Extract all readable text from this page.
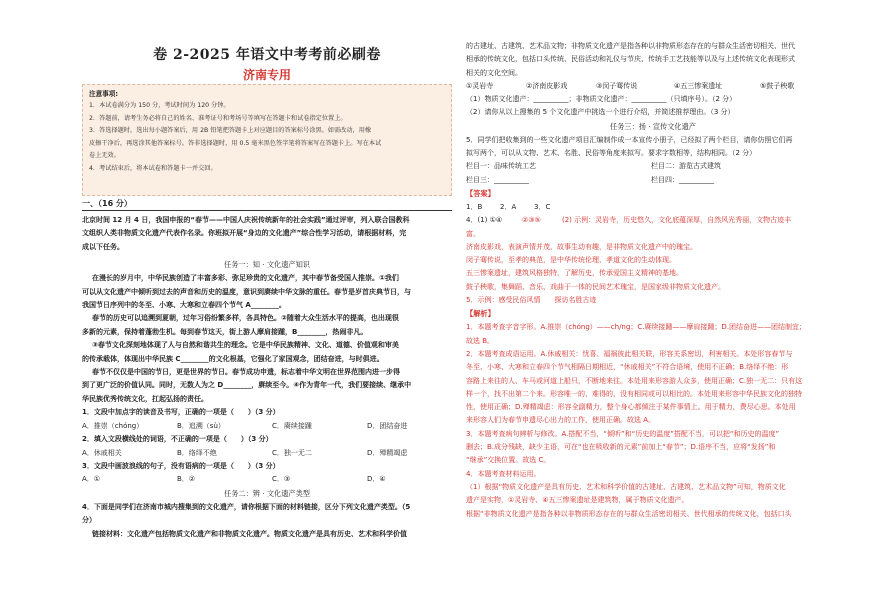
卷 2-2025 年语文中考考前必刷卷
济南专用

注意事项:

1．本试卷满分为 150 分，考试时间为 120 分钟。

2．答题前，请考生务必将自己的姓名、准考证号和考场号等填写在答题卡和试卷指定位置上。

3．答选择题时，选出每小题答案后，用 2B 铅笔把答题卡上对应题目的答案标号涂黑。如需改动，用橡

皮擦干净后，再选涂其他答案标号。答非选择题时，用 0.5 毫米黑色签字笔将答案写在答题卡上。写在本试

卷上无效。

4．考试结束后，将本试卷和答题卡一并交回。

一、（16 分）

北京时间 12 月 4 日，我国申报的“春节——中国人庆祝传统新年的社会实践”通过评审，列入联合国教科

文组织人类非物质文化遗产代表作名录。你班拟开展“身边的文化遗产”综合性学习活动，请根据材料，完

成以下任务。

任务一：知 · 文化遗产知识

在漫长的岁月中，中华民族创造了丰富多彩、弥足珍贵的文化遗产，其中春节备受国人推崇。①我们

可以从文化遗产中倾听到过去的声音和历史的温度，意识到赓续中华文脉的重任。春节是岁首庆典节日，与

我国节日序列中的冬至、小寒、大寒和立春四个节气 A________。

春节的历史可以追溯到夏朝，过年习俗纷繁多样，各具特色。②随着大众生活水平的提高，也出现很

多新的元素，保持着蓬勃生机。每到春节这天，街上游人摩肩接踵，B________，热闹非凡。

③春节文化深刻地体现了人与自然和谐共生的理念。它是中华民族精神、文化、道德、价值观和审美

的传承载体，体现出中华民族 C________的文化根基，它强化了家国观念，团结奋进，与时俱进。

春节不仅仅是中国的节日，更是世界的节日。春节成功申遗，标志着中华文明在世界范围内进一步得

到了更广泛的价值认同。同时，无数人为之 D________，赓续至今。④作为青年一代，我们要接续、继承中

华民族优秀传统文化，扛起弘扬的责任。

1．文段中加点字的读音及书写，正确的一项是（　　）（3 分）

A．推崇（chóng）	B．追溯（sù）	C．赓续接踵	D．团结奋进

2．填入文段横线处的词语，不正确的一项是（　　）（3 分）

A．休戚相关	B．络绎不绝	C．独一无二	D．殚精竭虑

3．文段中画波浪线的句子，没有语病的一项是（　　）（3 分）

A．①	B．②	C．③	D．④

任务二：辨 · 文化遗产类型

4．下面是同学们在济南市城内搜集到的文化遗产，请你根据下面的材料链接，区分下列文化遗产类型。（5

分）

链接材料：文化遗产包括物质文化遗产和非物质文化遗产。物质文化遗产是具有历史、艺术和科学价值

的古建址、古建筑、艺术品文物；非物质文化遗产是指各种以非物质形态存在的与群众生活密切相关、世代

相承的传统文化，包括口头传统、民俗活动和礼仪与节庆、传统手工艺技能等以及与上述传统文化表现形式

相关的文化空间。

①灵岩寺	②济南皮影戏	③闵子骞传说	④五三惨案遗址	⑤鼓子秧歌

（1）物质文化遗产：__________；非物质文化遗产：__________（只填序号）。（2 分）

（2）请你从以上搜集的 5 个文化遗产中挑选一个进行介绍，并简述推荐理由。（3 分）

任务三：扬 · 宣传文化遗产

5．同学们把收集到的一些文化遗产项目汇编制作成一本宣传小册子，已经拟了两个栏目，请你仿照它们再

拟写两个，可以从文物、艺术、名胜、民俗等角度来拟写。要求字数相等，结构相同。（2 分）

栏目一：品味传统工艺	栏目二：游览古式建筑
栏目三：__________	栏目四：__________

【答案】

1．B	2．A	3．C
4．(1) ①④	②③⑤	(2) 示例：灵岩寺，历史悠久，文化底蕴深厚，自然风光秀丽，文物古迹丰

富。

济南皮影戏，表演声情并茂，故事生动有趣，是非物质文化遗产中的瑰宝。

闵子骞传说，至孝的典范，是中华传统伦理、孝道文化的生动体现。

五三惨案遗址，建筑风格独特，了解历史，传承爱国主义精神的基地。

鼓子秧歌，集舞蹈、音乐、戏曲于一体的民间艺术瑰宝，是国家级非物质文化遗产。

5．示例：感受民俗风情　　探访名胜古迹

【解析】

1．本题考查字音字形。A.推崇（chóng）——ch/ng；C.赓续接踵——摩肩接踵；D.团结奋进——团结制宜；

故选 B。

2．本题考查成语运用。A.休戚相关：忧喜、福祸彼此相关联，形容关系密切，利害相关。本处形容春节与

冬至、小寒、大寒和立春四个节气相隔日期相近，“休戚相关”不符合语境，使用不正确；B.络绎不绝：形

容路上来往的人、车马或河道上船只，不断地来往。本处用来形容游人众多，使用正确；C.独一无二：只有这

样一个，找不出第二个来。形容唯一的、难得的，没有相同或可以相比的。本处用来形容中华民族文化的独特

性，使用正确；D.殚精竭虑：形容全副精力，整个身心都倾注于某件事情上。用于精力，费尽心思。本处用

来形容人们为春节申遗尽心出力的工作，使用正确。故选 A。

3．本题考查病句辨析与修改。A.搭配不当，“倾听”和“历史的温度”搭配不当，可以把“和历史的温度”

删去；B.成分残缺，缺少主语，可在“也在吸收新的元素”前加上“春节”；D.语序不当，应将“发扬”和

“继承”交换位置。故选 C。

4．本题考查材料运用。

（1）根据“物质文化遗产是具有历史、艺术和科学价值的古建址、古建筑、艺术品文物”可知，物质文化

遗产是实物，①灵岩寺、④五三惨案遗址是建筑物，属于物质文化遗产。

根据“非物质文化遗产是指各种以非物质形态存在的与群众生活密切相关、世代相承的传统文化，包括口头
